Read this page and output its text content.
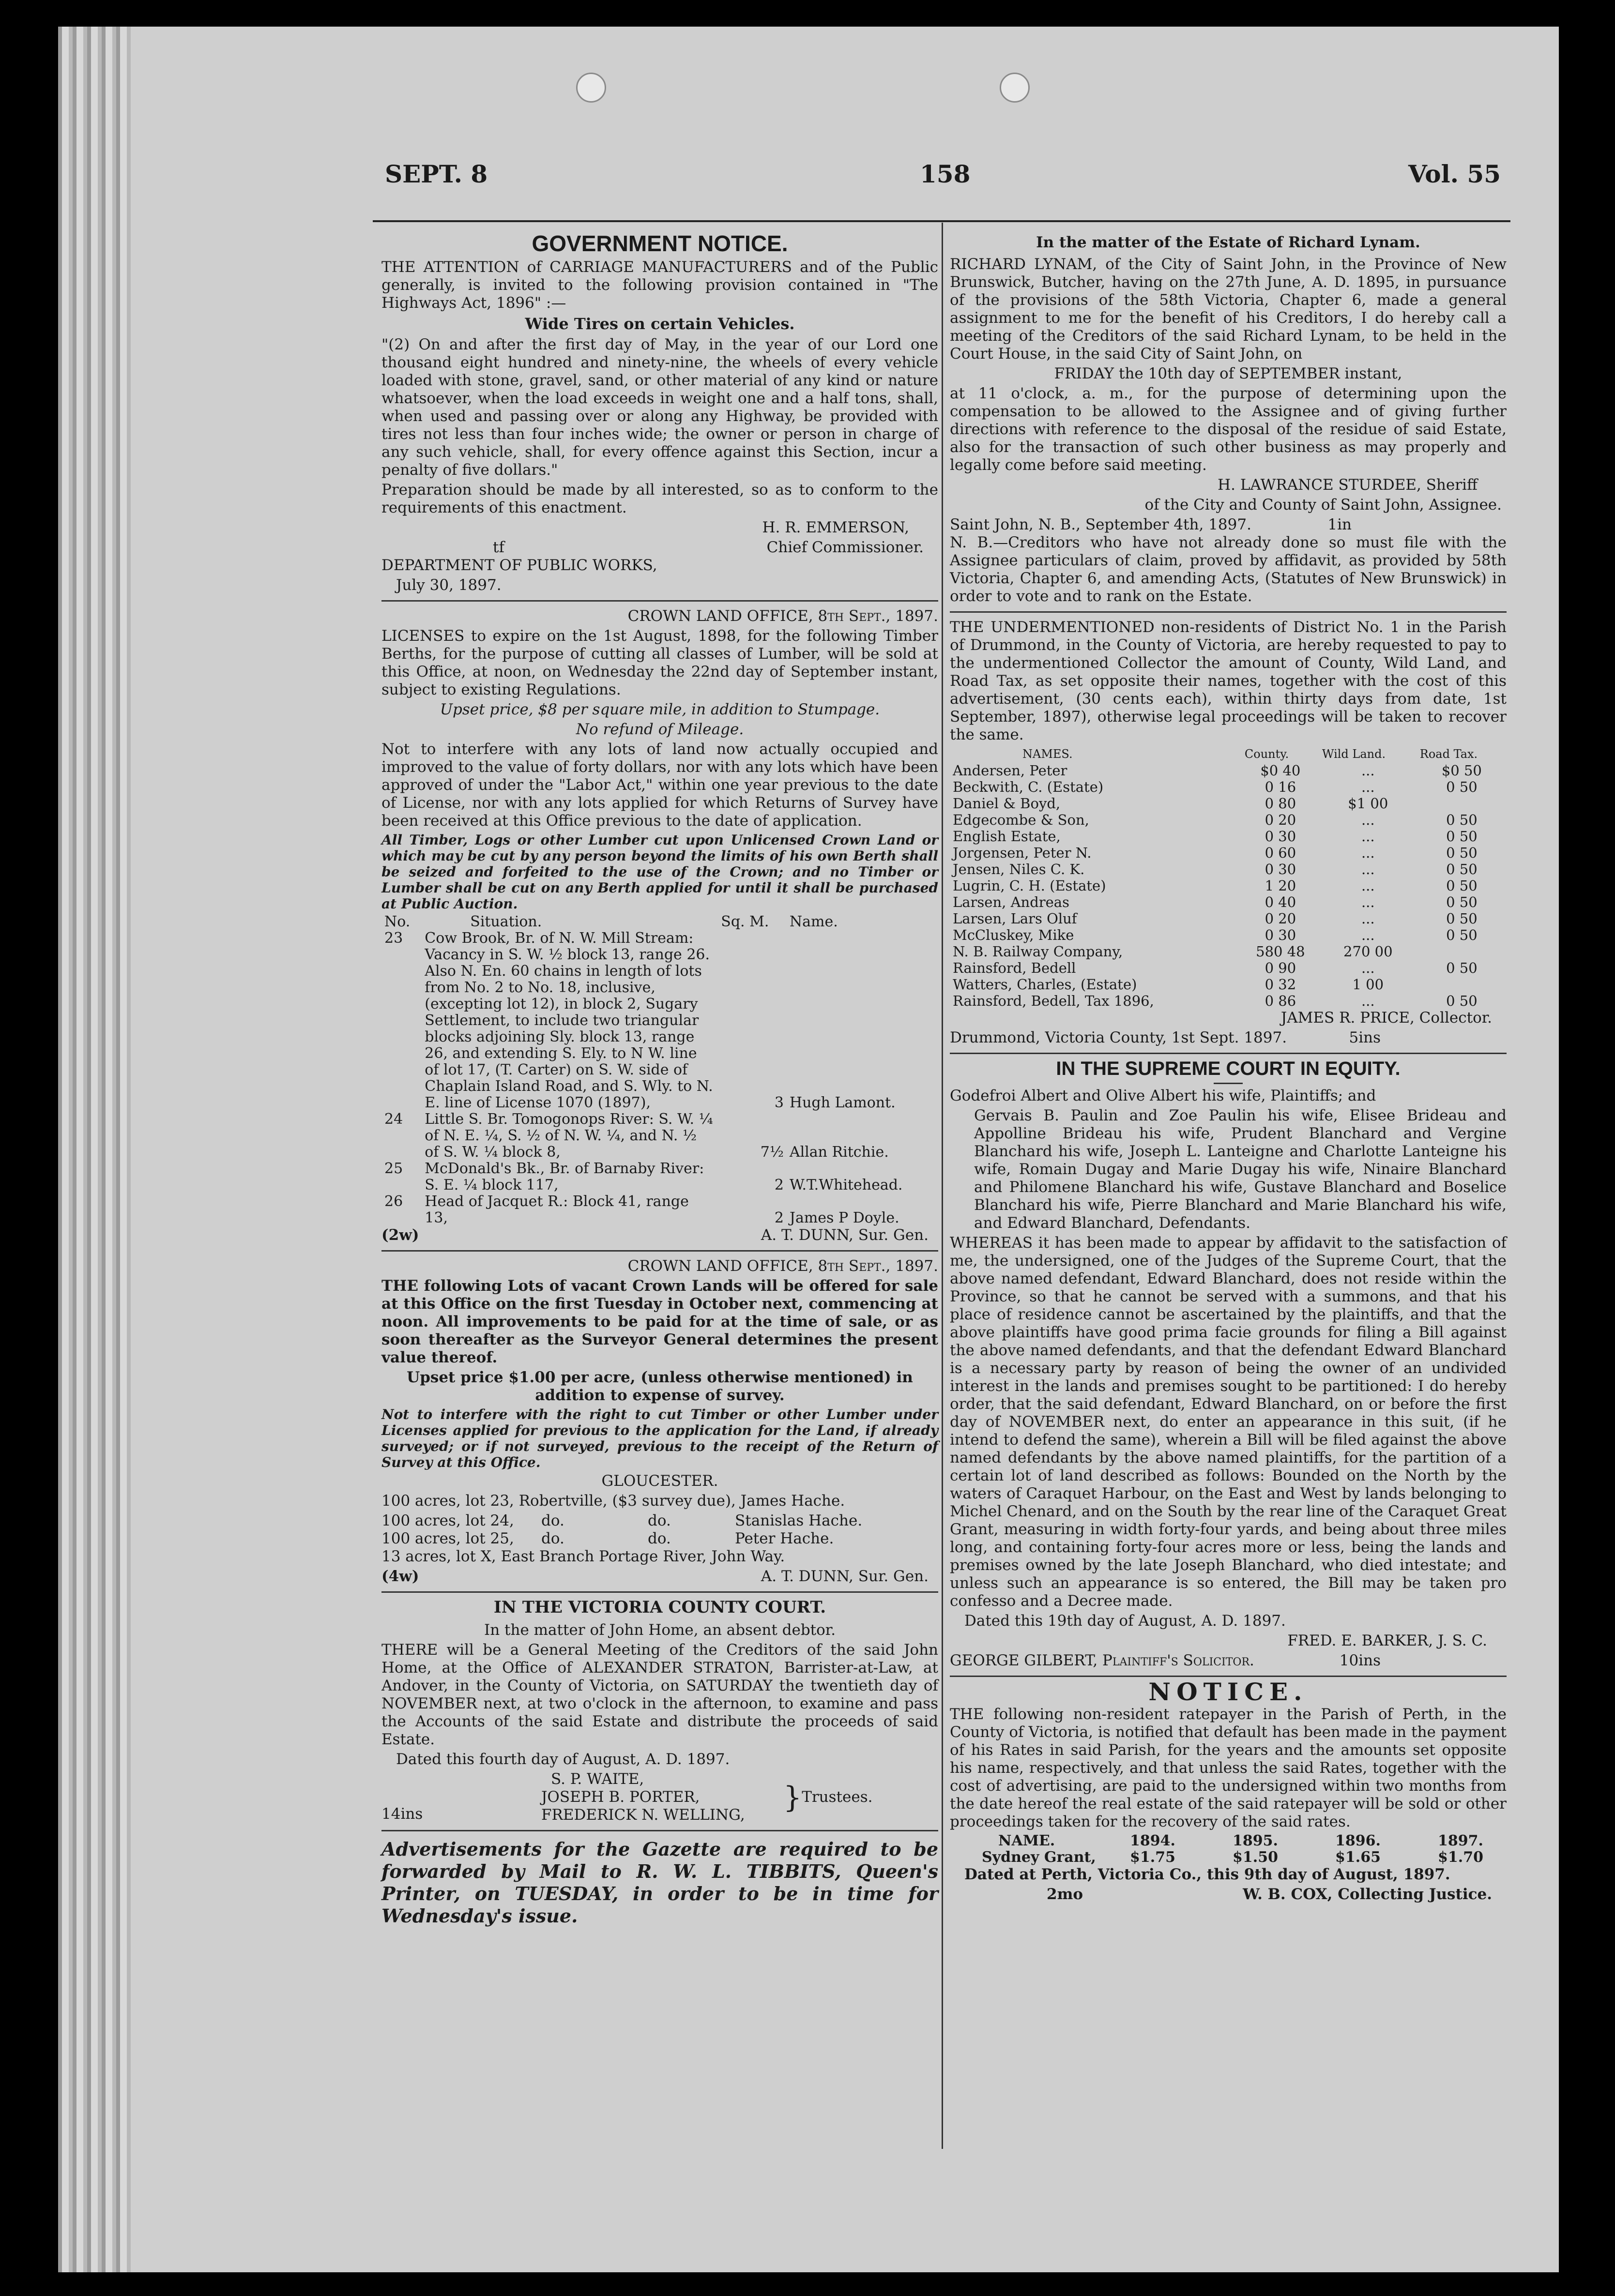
SEPT. 8	158	Vol. 55
GOVERNMENT NOTICE.

THE ATTENTION of CARRIAGE MANUFACTURERS and of the Public generally, is invited to the following provision contained in "The Highways Act, 1896" :—

Wide Tires on certain Vehicles.

"(2) On and after the first day of May, in the year of our Lord one thousand eight hundred and ninety-nine, the wheels of every vehicle loaded with stone, gravel, sand, or other material of any kind or nature whatsoever, when the load exceeds in weight one and a half tons, shall, when used and passing over or along any Highway, be provided with tires not less than four inches wide; the owner or person in charge of any such vehicle, shall, for every offence against this Section, incur a penalty of five dollars."

Preparation should be made by all interested, so as to conform to the requirements of this enactment.

H. R. EMMERSON,

tf	Chief Commissioner.

DEPARTMENT OF PUBLIC WORKS,

July 30, 1897.

CROWN LAND OFFICE, 8th Sept., 1897.

LICENSES to expire on the 1st August, 1898, for the following Timber Berths, for the purpose of cutting all classes of Lumber, will be sold at this Office, at noon, on Wednesday the 22nd day of September instant, subject to existing Regulations.

Upset price, $8 per square mile, in addition to Stumpage.

No refund of Mileage.

Not to interfere with any lots of land now actually occupied and improved to the value of forty dollars, nor with any lots which have been approved of under the "Labor Act," within one year previous to the date of License, nor with any lots applied for which Returns of Survey have been received at this Office previous to the date of application.

All Timber, Logs or other Lumber cut upon Unlicensed Crown Land or which may be cut by any person beyond the limits of his own Berth shall be seized and forfeited to the use of the Crown; and no Timber or Lumber shall be cut on any Berth applied for until it shall be purchased at Public Auction.

No.	Situation.	Sq. M.	Name.
23	Cow Brook, Br. of N. W. Mill Stream: Vacancy in S. W. ½ block 13, range 26. Also N. En. 60 chains in length of lots from No. 2 to No. 18, inclusive, (excepting lot 12), in block 2, Sugary Settlement, to include two triangular blocks adjoining Sly. block 13, range 26, and extending S. Ely. to N W. line of lot 17, (T. Carter) on S. W. side of Chaplain Island Road, and S. Wly. to N. E. line of License 1070 (1897),	3	Hugh Lamont.
24	Little S. Br. Tomogonops River: S. W. ¼ of N. E. ¼, S. ½ of N. W. ¼, and N. ½ of S. W. ¼ block 8,	7½	Allan Ritchie.
25	McDonald's Bk., Br. of Barnaby River: S. E. ¼ block 117,	2	W.T.Whitehead.
26	Head of Jacquet R.: Block 41, range 13,	2	James P Doyle.
(2w)	A. T. DUNN, Sur. Gen.

CROWN LAND OFFICE, 8th Sept., 1897.

THE following Lots of vacant Crown Lands will be offered for sale at this Office on the first Tuesday in October next, commencing at noon. All improvements to be paid for at the time of sale, or as soon thereafter as the Surveyor General determines the present value thereof.

Upset price $1.00 per acre, (unless otherwise mentioned) in addition to expense of survey.

Not to interfere with the right to cut Timber or other Lumber under Licenses applied for previous to the application for the Land, if already surveyed; or if not surveyed, previous to the receipt of the Return of Survey at this Office.

GLOUCESTER.

100 acres, lot 23, Robertville, ($3 survey due), James Hache.

100 acres, lot 24,	do.	do.	Stanislas Hache.
100 acres, lot 25,	do.	do.	Peter Hache.

13 acres, lot X, East Branch Portage River, John Way.

(4w)	A. T. DUNN, Sur. Gen.
IN THE VICTORIA COUNTY COURT.

In the matter of John Home, an absent debtor.

THERE will be a General Meeting of the Creditors of the said John Home, at the Office of ALEXANDER STRATON, Barrister-at-Law, at Andover, in the County of Victoria, on SATURDAY the twentieth day of NOVEMBER next, at two o'clock in the afternoon, to examine and pass the Accounts of the said Estate and distribute the proceeds of said Estate.

Dated this fourth day of August, A. D. 1897.

14ins
S. P. WAITE,
JOSEPH B. PORTER,
FREDERICK N. WELLING,
} Trustees.

Advertisements for the Gazette are required to be forwarded by Mail to R. W. L. TIBBITS, Queen's Printer, on TUESDAY, in order to be in time for Wednesday's issue.

In the matter of the Estate of Richard Lynam.

RICHARD LYNAM, of the City of Saint John, in the Province of New Brunswick, Butcher, having on the 27th June, A. D. 1895, in pursuance of the provisions of the 58th Victoria, Chapter 6, made a general assignment to me for the benefit of his Creditors, I do hereby call a meeting of the Creditors of the said Richard Lynam, to be held in the Court House, in the said City of Saint John, on

FRIDAY the 10th day of SEPTEMBER instant,

at 11 o'clock, a. m., for the purpose of determining upon the compensation to be allowed to the Assignee and of giving further directions with reference to the disposal of the residue of said Estate, also for the transaction of such other business as may properly and legally come before said meeting.

H. LAWRANCE STURDEE, Sheriff

of the City and County of Saint John, Assignee.

Saint John, N. B., September 4th, 1897.	1in

N. B.—Creditors who have not already done so must file with the Assignee particulars of claim, proved by affidavit, as provided by 58th Victoria, Chapter 6, and amending Acts, (Statutes of New Brunswick) in order to vote and to rank on the Estate.

THE UNDERMENTIONED non-residents of District No. 1 in the Parish of Drummond, in the County of Victoria, are hereby requested to pay to the undermentioned Collector the amount of County, Wild Land, and Road Tax, as set opposite their names, together with the cost of this advertisement, (30 cents each), within thirty days from date, 1st September, 1897), otherwise legal proceedings will be taken to recover the same.

NAMES.	County.	Wild Land.	Road Tax.
Andersen, Peter	$0 40	...	$0 50
Beckwith, C. (Estate)	0 16	...	0 50
Daniel & Boyd,	0 80	$1 00	
Edgecombe & Son,	0 20	...	0 50
English Estate,	0 30	...	0 50
Jorgensen, Peter N.	0 60	...	0 50
Jensen, Niles C. K.	0 30	...	0 50
Lugrin, C. H. (Estate)	1 20	...	0 50
Larsen, Andreas	0 40	...	0 50
Larsen, Lars Oluf	0 20	...	0 50
McCluskey, Mike	0 30	...	0 50
N. B. Railway Company,	580 48	270 00	
Rainsford, Bedell	0 90	...	0 50
Watters, Charles, (Estate)	0 32	1 00	
Rainsford, Bedell, Tax 1896,	0 86	...	0 50

JAMES R. PRICE, Collector.

Drummond, Victoria County, 1st Sept. 1897.	5ins
IN THE SUPREME COURT IN EQUITY.

Godefroi Albert and Olive Albert his wife, Plaintiffs; and

Gervais B. Paulin and Zoe Paulin his wife, Elisee Brideau and Appolline Brideau his wife, Prudent Blanchard and Vergine Blanchard his wife, Joseph L. Lanteigne and Charlotte Lanteigne his wife, Romain Dugay and Marie Dugay his wife, Ninaire Blanchard and Philomene Blanchard his wife, Gustave Blanchard and Boselice Blanchard his wife, Pierre Blanchard and Marie Blanchard his wife, and Edward Blanchard, Defendants.

WHEREAS it has been made to appear by affidavit to the satisfaction of me, the undersigned, one of the Judges of the Supreme Court, that the above named defendant, Edward Blanchard, does not reside within the Province, so that he cannot be served with a summons, and that his place of residence cannot be ascertained by the plaintiffs, and that the above plaintiffs have good prima facie grounds for filing a Bill against the above named defendants, and that the defendant Edward Blanchard is a necessary party by reason of being the owner of an undivided interest in the lands and premises sought to be partitioned: I do hereby order, that the said defendant, Edward Blanchard, on or before the first day of NOVEMBER next, do enter an appearance in this suit, (if he intend to defend the same), wherein a Bill will be filed against the above named defendants by the above named plaintiffs, for the partition of a certain lot of land described as follows: Bounded on the North by the waters of Caraquet Harbour, on the East and West by lands belonging to Michel Chenard, and on the South by the rear line of the Caraquet Great Grant, measuring in width forty-four yards, and being about three miles long, and containing forty-four acres more or less, being the lands and premises owned by the late Joseph Blanchard, who died intestate; and unless such an appearance is so entered, the Bill may be taken pro confesso and a Decree made.

Dated this 19th day of August, A. D. 1897.

FRED. E. BARKER, J. S. C.

GEORGE GILBERT, Plaintiff's Solicitor.	10ins
NOTICE.

THE following non-resident ratepayer in the Parish of Perth, in the County of Victoria, is notified that default has been made in the payment of his Rates in said Parish, for the years and the amounts set opposite his name, respectively, and that unless the said Rates, together with the cost of advertising, are paid to the undersigned within two months from the date hereof the real estate of the said ratepayer will be sold or other proceedings taken for the recovery of the said rates.

NAME.	1894.	1895.	1896.	1897.
Sydney Grant,	$1.75	$1.50	$1.65	$1.70

Dated at Perth, Victoria Co., this 9th day of August, 1897.

2mo	W. B. COX, Collecting Justice.
